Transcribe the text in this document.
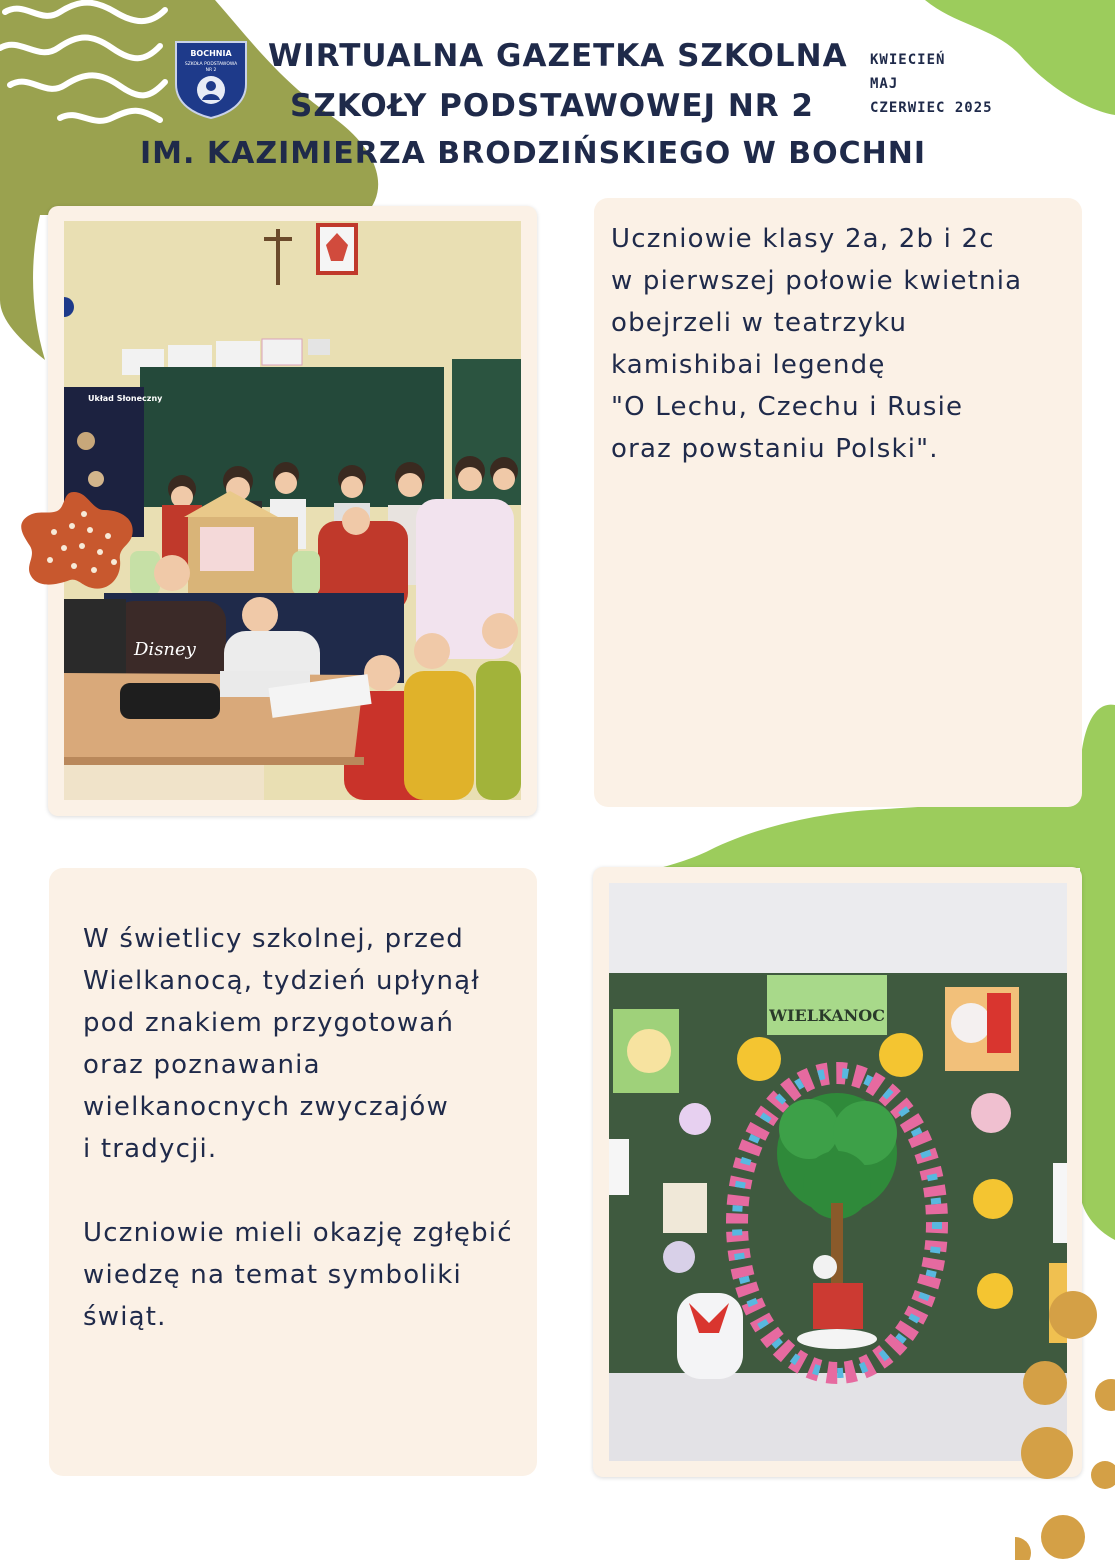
BOCHNIA
SZKOŁA PODSTAWOWA
NR 2 WIRTUALNA GAZETKA SZKOLNA
SZKOŁY PODSTAWOWEJ NR 2
IM. KAZIMIERZA BRODZIŃSKIEGO W BOCHNI
KWIECIEŃ
MAJ
CZERWIEC 2025
Układ Słoneczny
Disney

Uczniowie klasy 2a, 2b i 2c

w pierwszej połowie kwietnia

obejrzeli w teatrzyku

kamishibai legendę

"O Lechu, Czechu i Rusie

oraz powstaniu Polski".

W świetlicy szkolnej, przed

Wielkanocą, tydzień upłynął

pod znakiem przygotowań

oraz poznawania

wielkanocnych zwyczajów

i tradycji.

Uczniowie mieli okazję zgłębić

wiedzę na temat symboliki

świąt.

WIELKANOC
